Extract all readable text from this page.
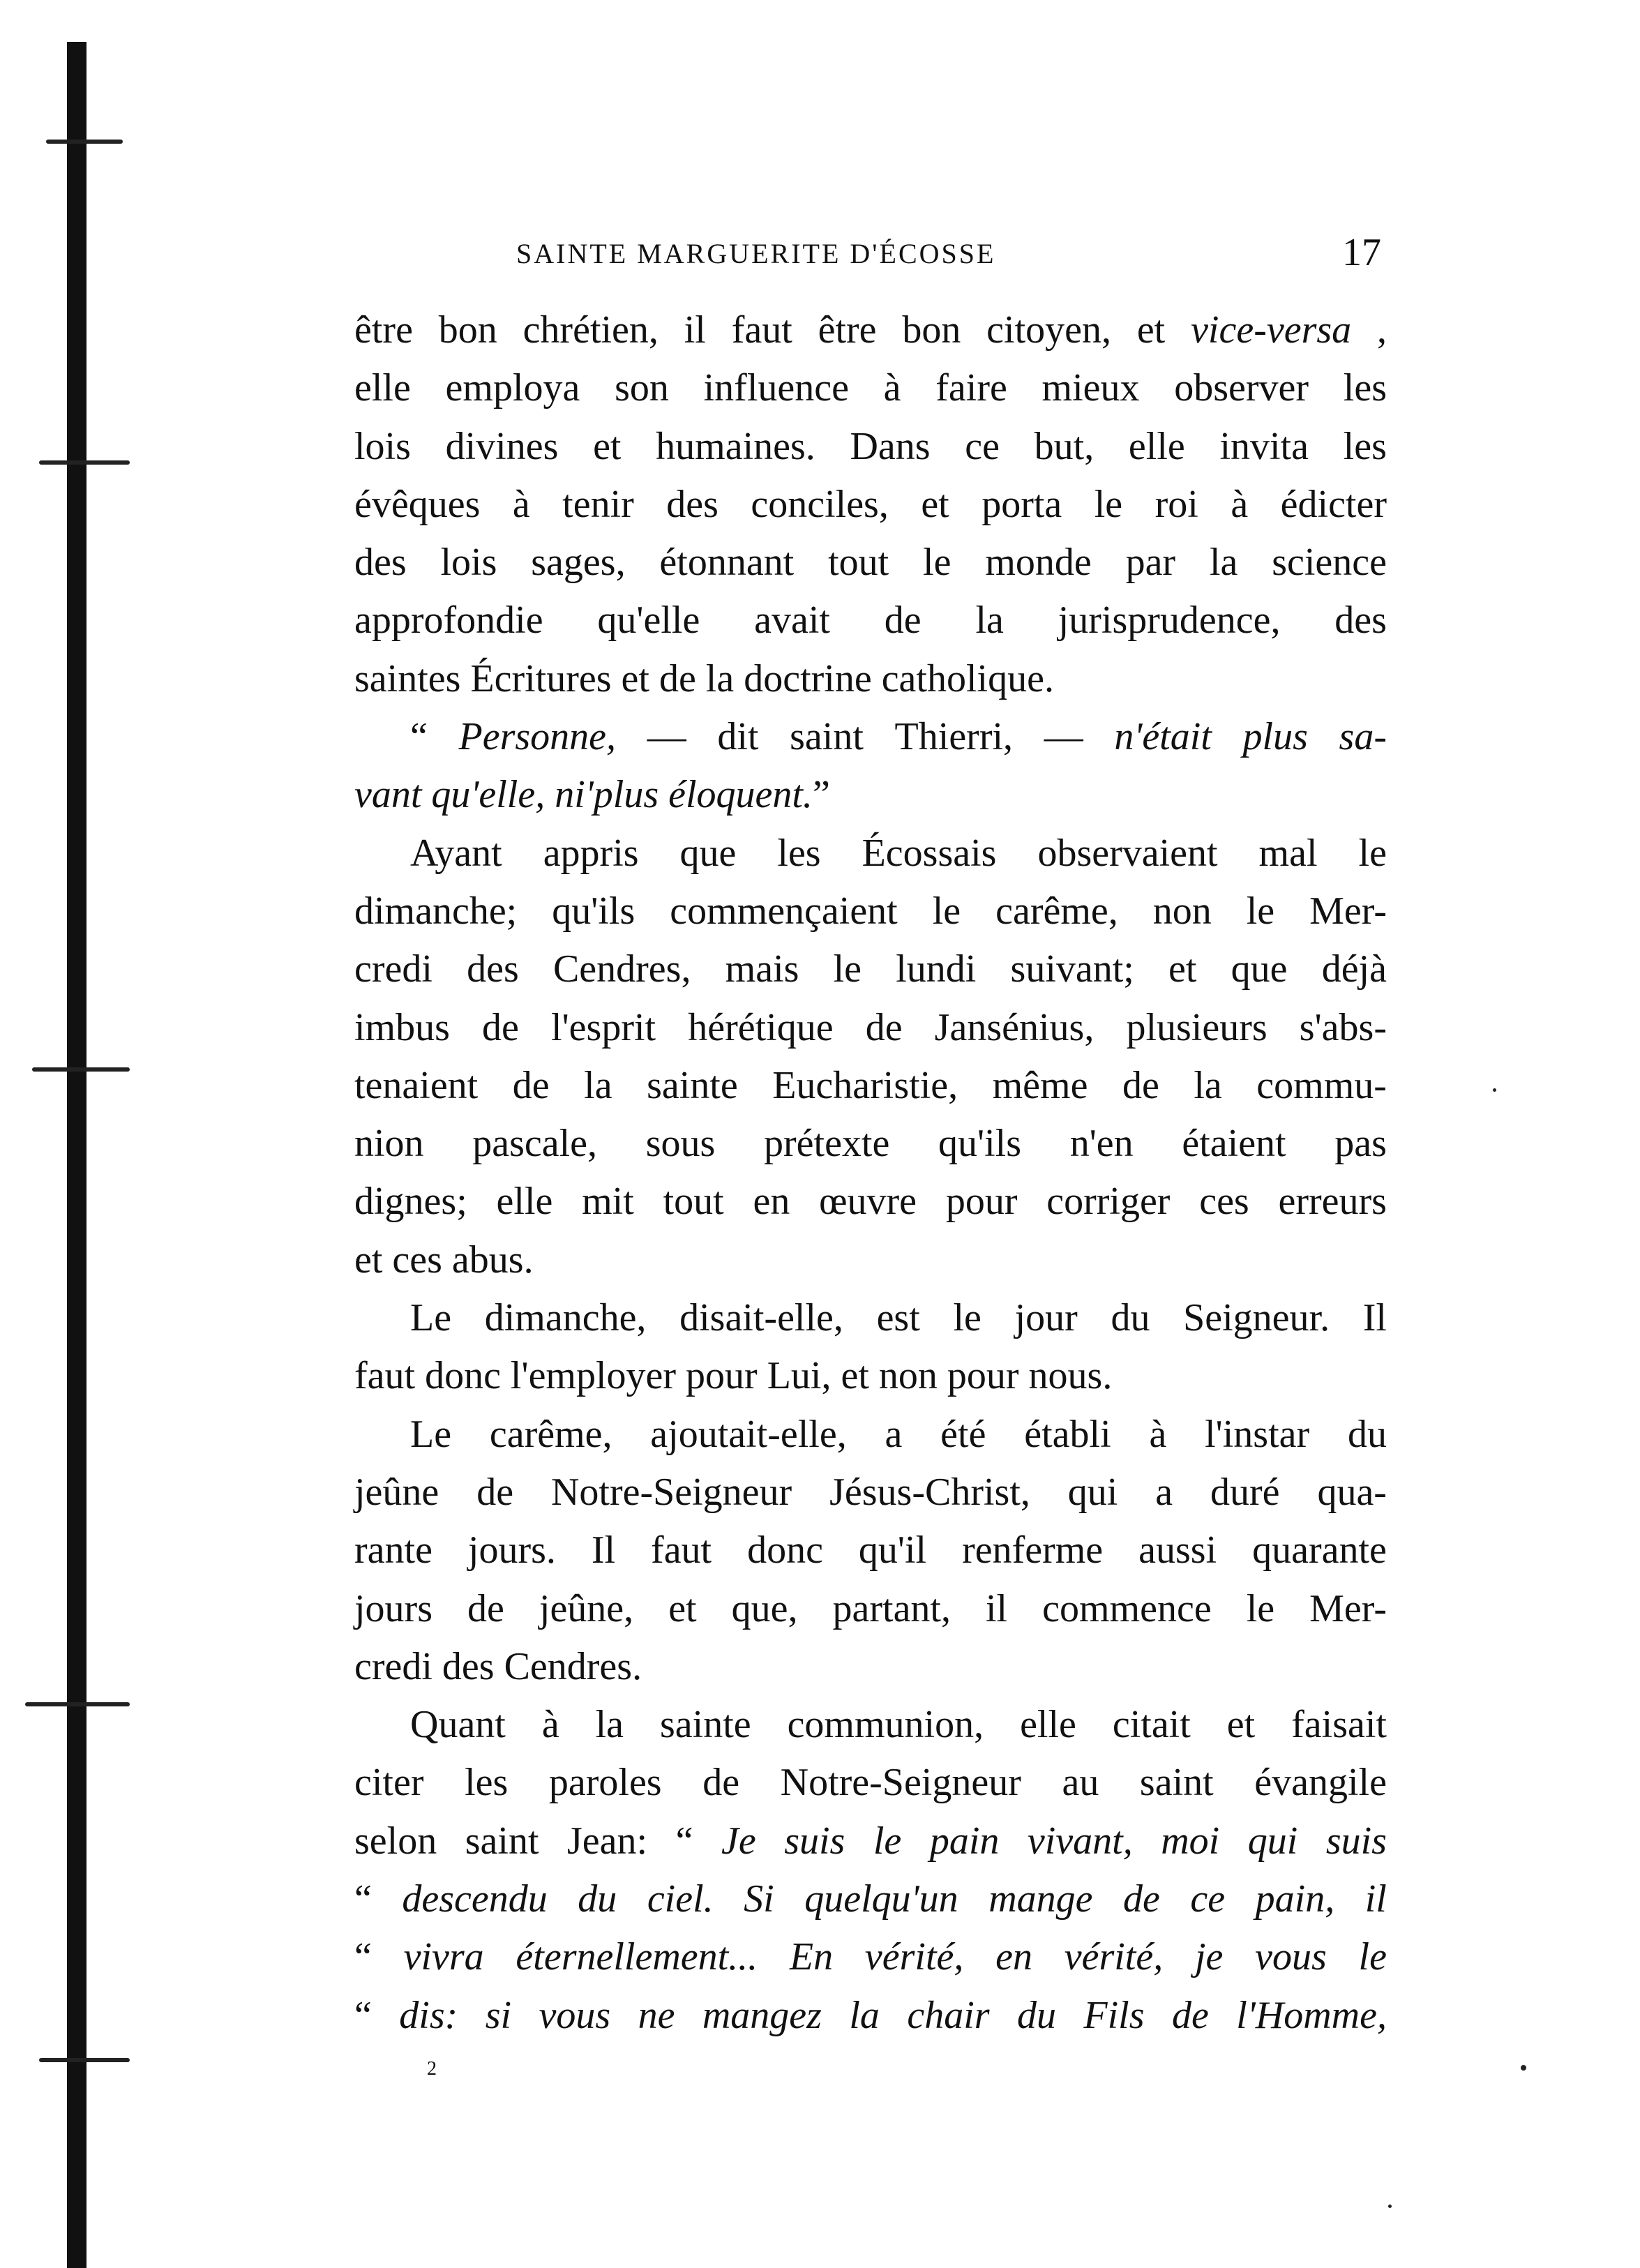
SAINTE MARGUERITE D'ÉCOSSE	17
être bon chrétien, il faut être bon citoyen, et vice-versa ,
elle employa son influence à faire mieux observer les
lois divines et humaines. Dans ce but, elle invita les
évêques à tenir des conciles, et porta le roi à édicter
des lois sages, étonnant tout le monde par la science
approfondie qu'elle avait de la jurisprudence, des
saintes Écritures et de la doctrine catholique.
“ Personne, — dit saint Thierri, — n'était plus sa-
vant qu'elle, ni'plus éloquent. ”
Ayant appris que les Écossais observaient mal le
dimanche; qu'ils commençaient le carême, non le Mer-
credi des Cendres, mais le lundi suivant; et que déjà
imbus de l'esprit hérétique de Jansénius, plusieurs s'abs-
tenaient de la sainte Eucharistie, même de la commu-
nion pascale, sous prétexte qu'ils n'en étaient pas
dignes; elle mit tout en œuvre pour corriger ces erreurs
et ces abus.
Le dimanche, disait-elle, est le jour du Seigneur. Il
faut donc l'employer pour Lui, et non pour nous.
Le carême, ajoutait-elle, a été établi à l'instar du
jeûne de Notre-Seigneur Jésus-Christ, qui a duré qua-
rante jours. Il faut donc qu'il renferme aussi quarante
jours de jeûne, et que, partant, il commence le Mer-
credi des Cendres.
Quant à la sainte communion, elle citait et faisait
citer les paroles de Notre-Seigneur au saint évangile
selon saint Jean: “ Je suis le pain vivant, moi qui suis
“ descendu du ciel. Si quelqu'un mange de ce pain, il
“ vivra éternellement... En vérité, en vérité, je vous le
“ dis: si vous ne mangez la chair du Fils de l'Homme,
2
